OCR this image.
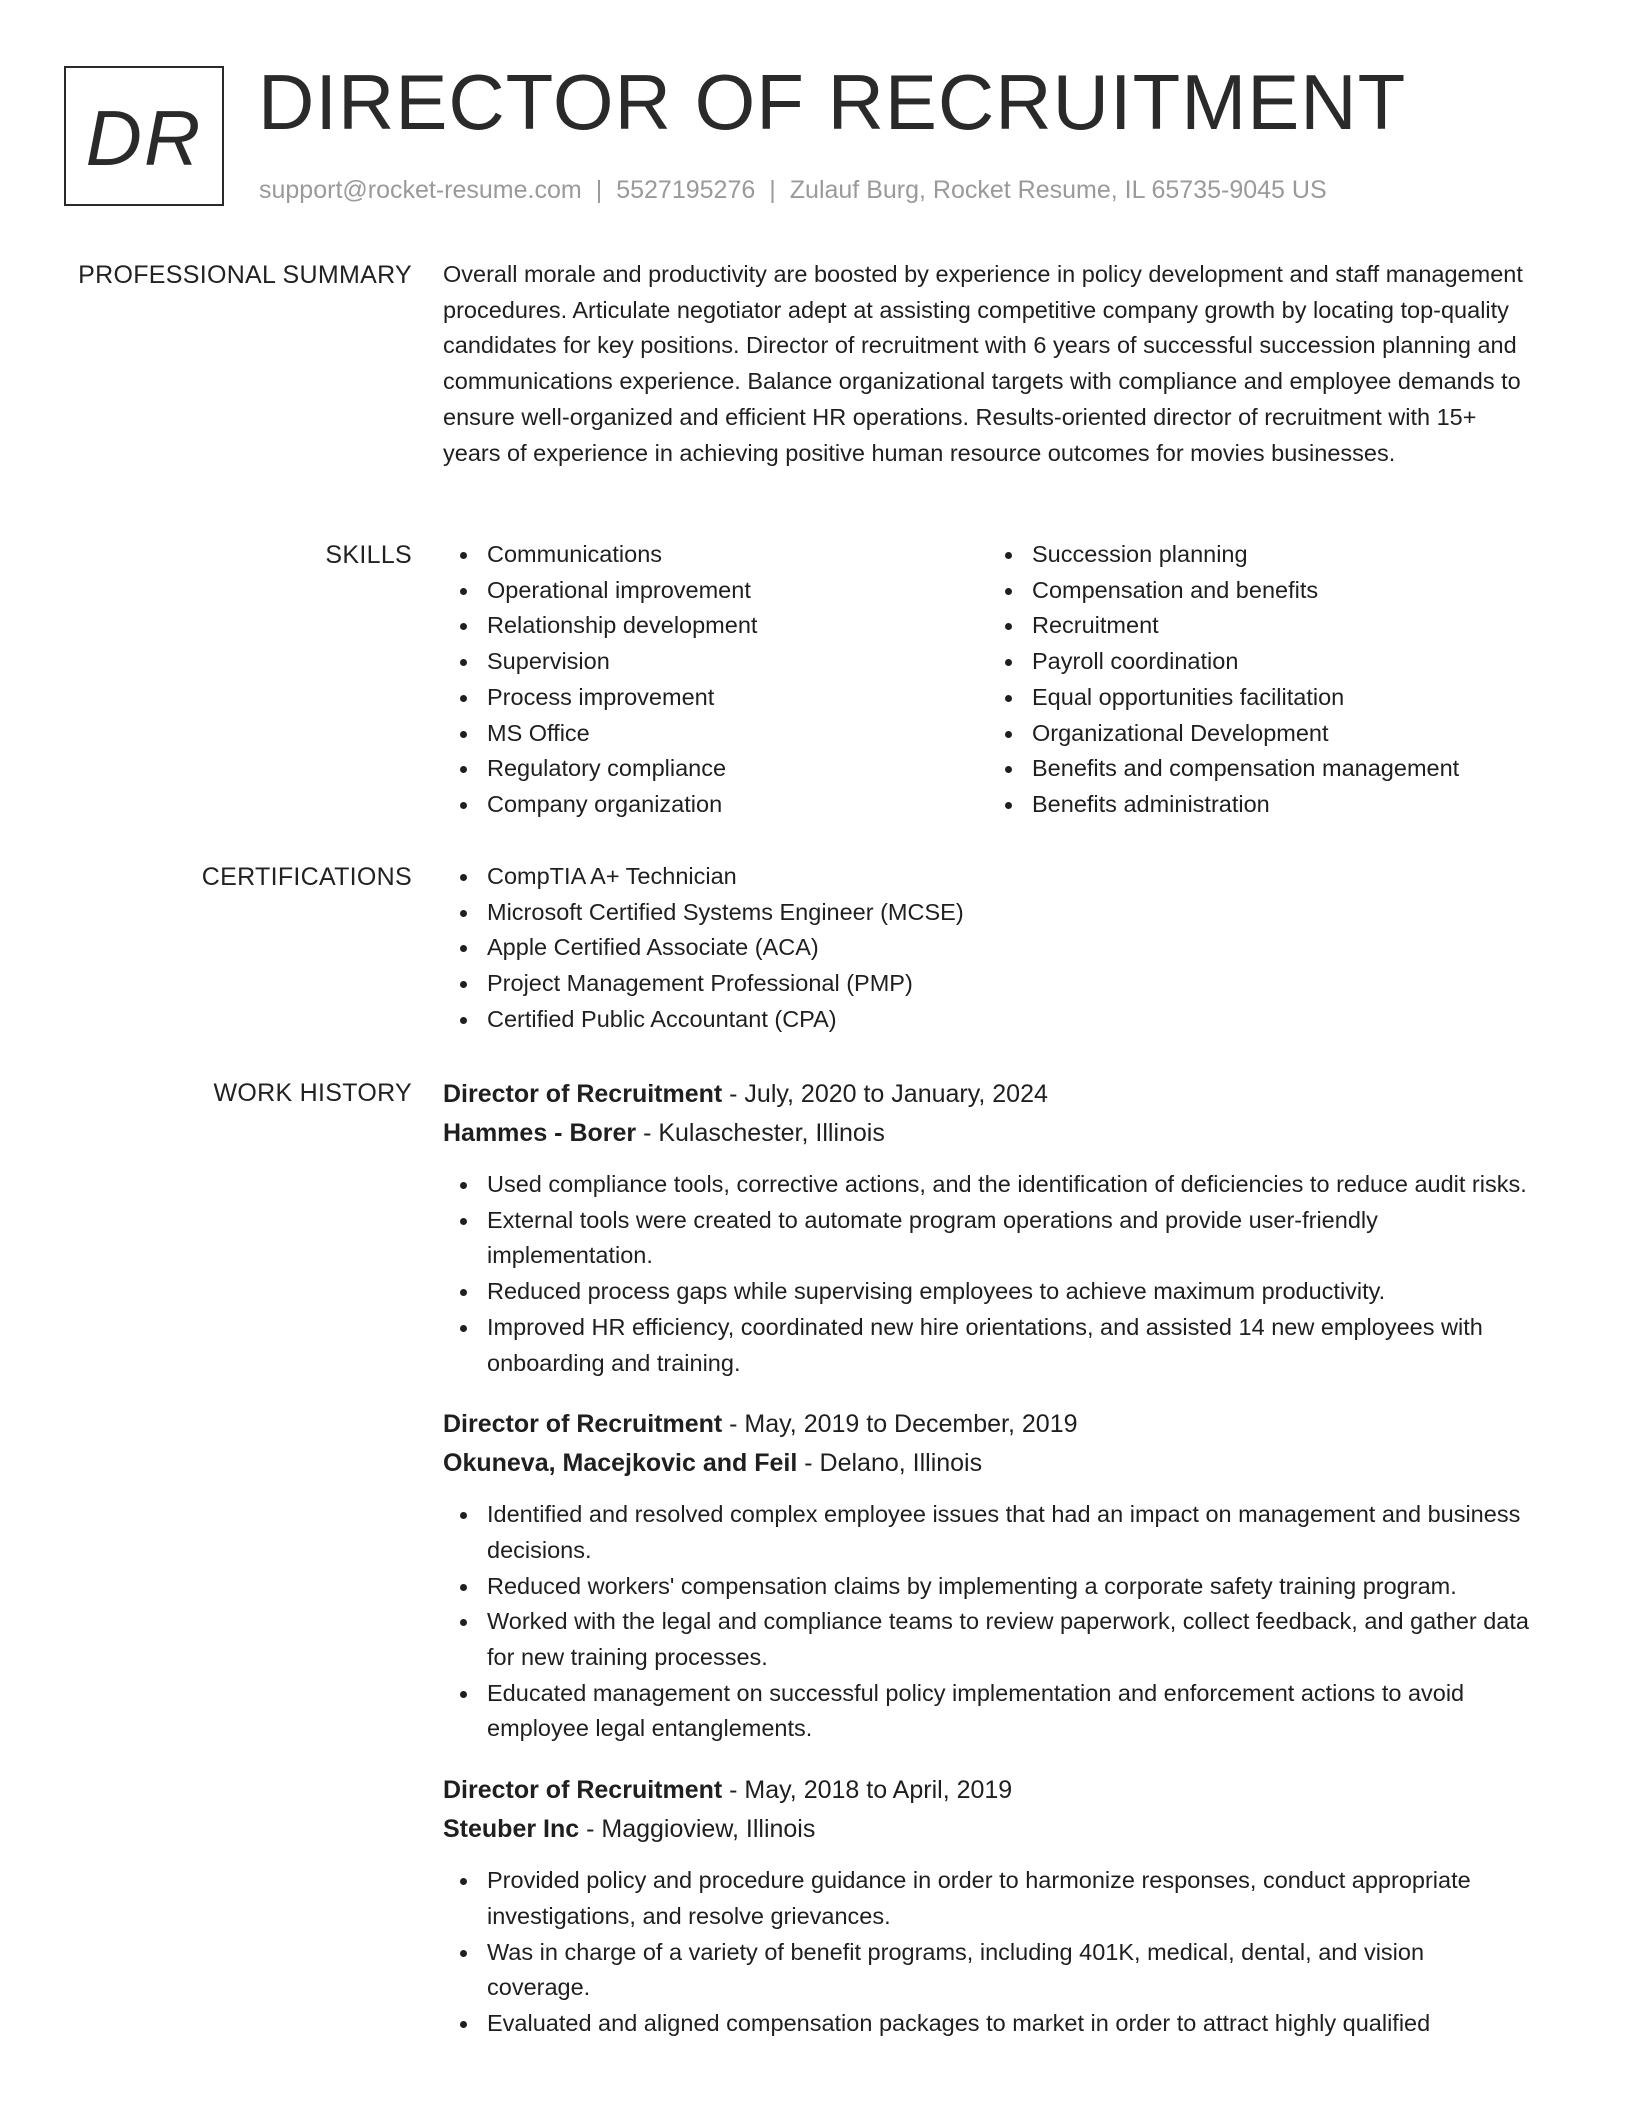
DR DIRECTOR OF RECRUITMENT
support@rocket-resume.com | 5527195276 | Zulauf Burg, Rocket Resume, IL 65735-9045 US
PROFESSIONAL SUMMARY Overall morale and productivity are boosted by experience in policy development and staff management procedures. Articulate negotiator adept at assisting competitive company growth by locating top-quality candidates for key positions. Director of recruitment with 6 years of successful succession planning and communications experience. Balance organizational targets with compliance and employee demands to ensure well-organized and efficient HR operations. Results-oriented director of recruitment with 15+ years of experience in achieving positive human resource outcomes for movies businesses.

SKILLS	Communications
Operational improvement
Relationship development
Supervision
Process improvement
MS Office
Regulatory compliance
Company organization
Succession planning
Compensation and benefits
Recruitment
Payroll coordination
Equal opportunities facilitation
Organizational Development
Benefits and compensation management
Benefits administration
CERTIFICATIONS	CompTIA A+ Technician
Microsoft Certified Systems Engineer (MCSE)
Apple Certified Associate (ACA)
Project Management Professional (PMP)
Certified Public Accountant (CPA)
WORK HISTORY Director of Recruitment - July, 2020 to January, 2024
Hammes - Borer - Kulaschester, Illinois
Used compliance tools, corrective actions, and the identification of deficiencies to reduce audit risks.
External tools were created to automate program operations and provide user-friendly implementation.
Reduced process gaps while supervising employees to achieve maximum productivity.
Improved HR efficiency, coordinated new hire orientations, and assisted 14 new employees with onboarding and training.
Director of Recruitment - May, 2019 to December, 2019
Okuneva, Macejkovic and Feil - Delano, Illinois
Identified and resolved complex employee issues that had an impact on management and business decisions.
Reduced workers' compensation claims by implementing a corporate safety training program.
Worked with the legal and compliance teams to review paperwork, collect feedback, and gather data for new training processes.
Educated management on successful policy implementation and enforcement actions to avoid employee legal entanglements.
Director of Recruitment - May, 2018 to April, 2019
Steuber Inc - Maggioview, Illinois
Provided policy and procedure guidance in order to harmonize responses, conduct appropriate investigations, and resolve grievances.
Was in charge of a variety of benefit programs, including 401K, medical, dental, and vision coverage.
Evaluated and aligned compensation packages to market in order to attract highly qualified
